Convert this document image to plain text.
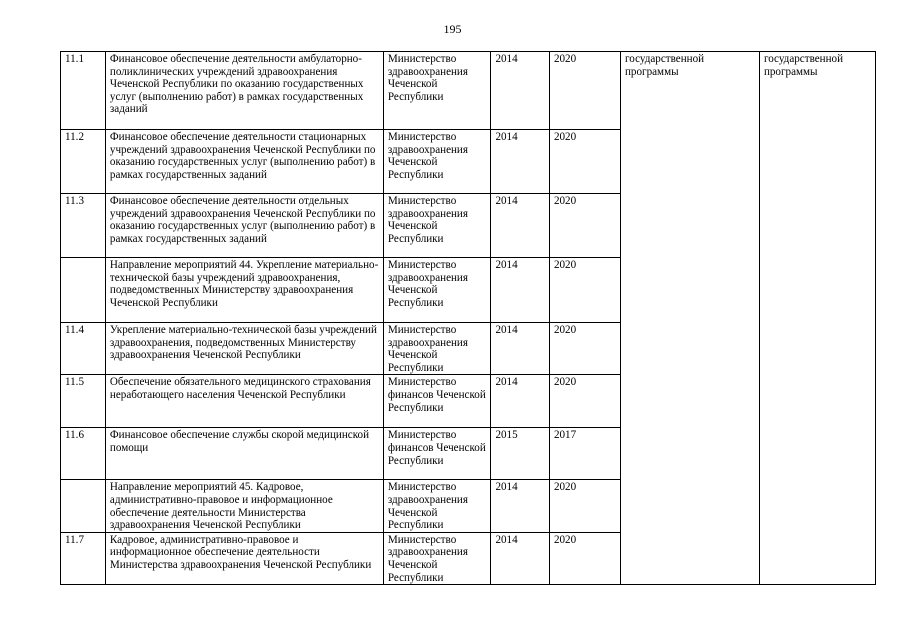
195
11.1	Финансовое обеспечение деятельности амбулаторно-поликлинических учреждений здравоохранения Чеченской Республики по оказанию государственных услуг (выполнению работ) в рамках государственных заданий	Министерство здравоохранения Чеченской Республики	2014	2020	государственной программы	государственной программы
11.2	Финансовое обеспечение деятельности стационарных учреждений здравоохранения Чеченской Республики по оказанию государственных услуг (выполнению работ) в рамках государственных заданий	Министерство здравоохранения Чеченской Республики	2014	2020		
11.3	Финансовое обеспечение деятельности отдельных учреждений здравоохранения Чеченской Республики по оказанию государственных услуг (выполнению работ) в рамках государственных заданий	Министерство здравоохранения Чеченской Республики	2014	2020		
	Направление мероприятий 44. Укрепление материально-технической базы учреждений здравоохранения, подведомственных Министерству здравоохранения Чеченской Республики	Министерство здравоохранения Чеченской Республики	2014	2020		
11.4	Укрепление материально-технической базы учреждений здравоохранения, подведомственных Министерству здравоохранения Чеченской Республики	Министерство здравоохранения Чеченской Республики	2014	2020		
11.5	Обеспечение обязательного медицинского страхования неработающего населения Чеченской Республики	Министерство финансов Чеченской Республики	2014	2020		
11.6	Финансовое обеспечение службы скорой медицинской помощи	Министерство финансов Чеченской Республики	2015	2017		
	Направление мероприятий 45. Кадровое, административно-правовое и информационное обеспечение деятельности Министерства здравоохранения Чеченской Республики	Министерство здравоохранения Чеченской Республики	2014	2020		
11.7	Кадровое, административно-правовое и информационное обеспечение деятельности Министерства здравоохранения Чеченской Республики	Министерство здравоохранения Чеченской Республики	2014	2020		
